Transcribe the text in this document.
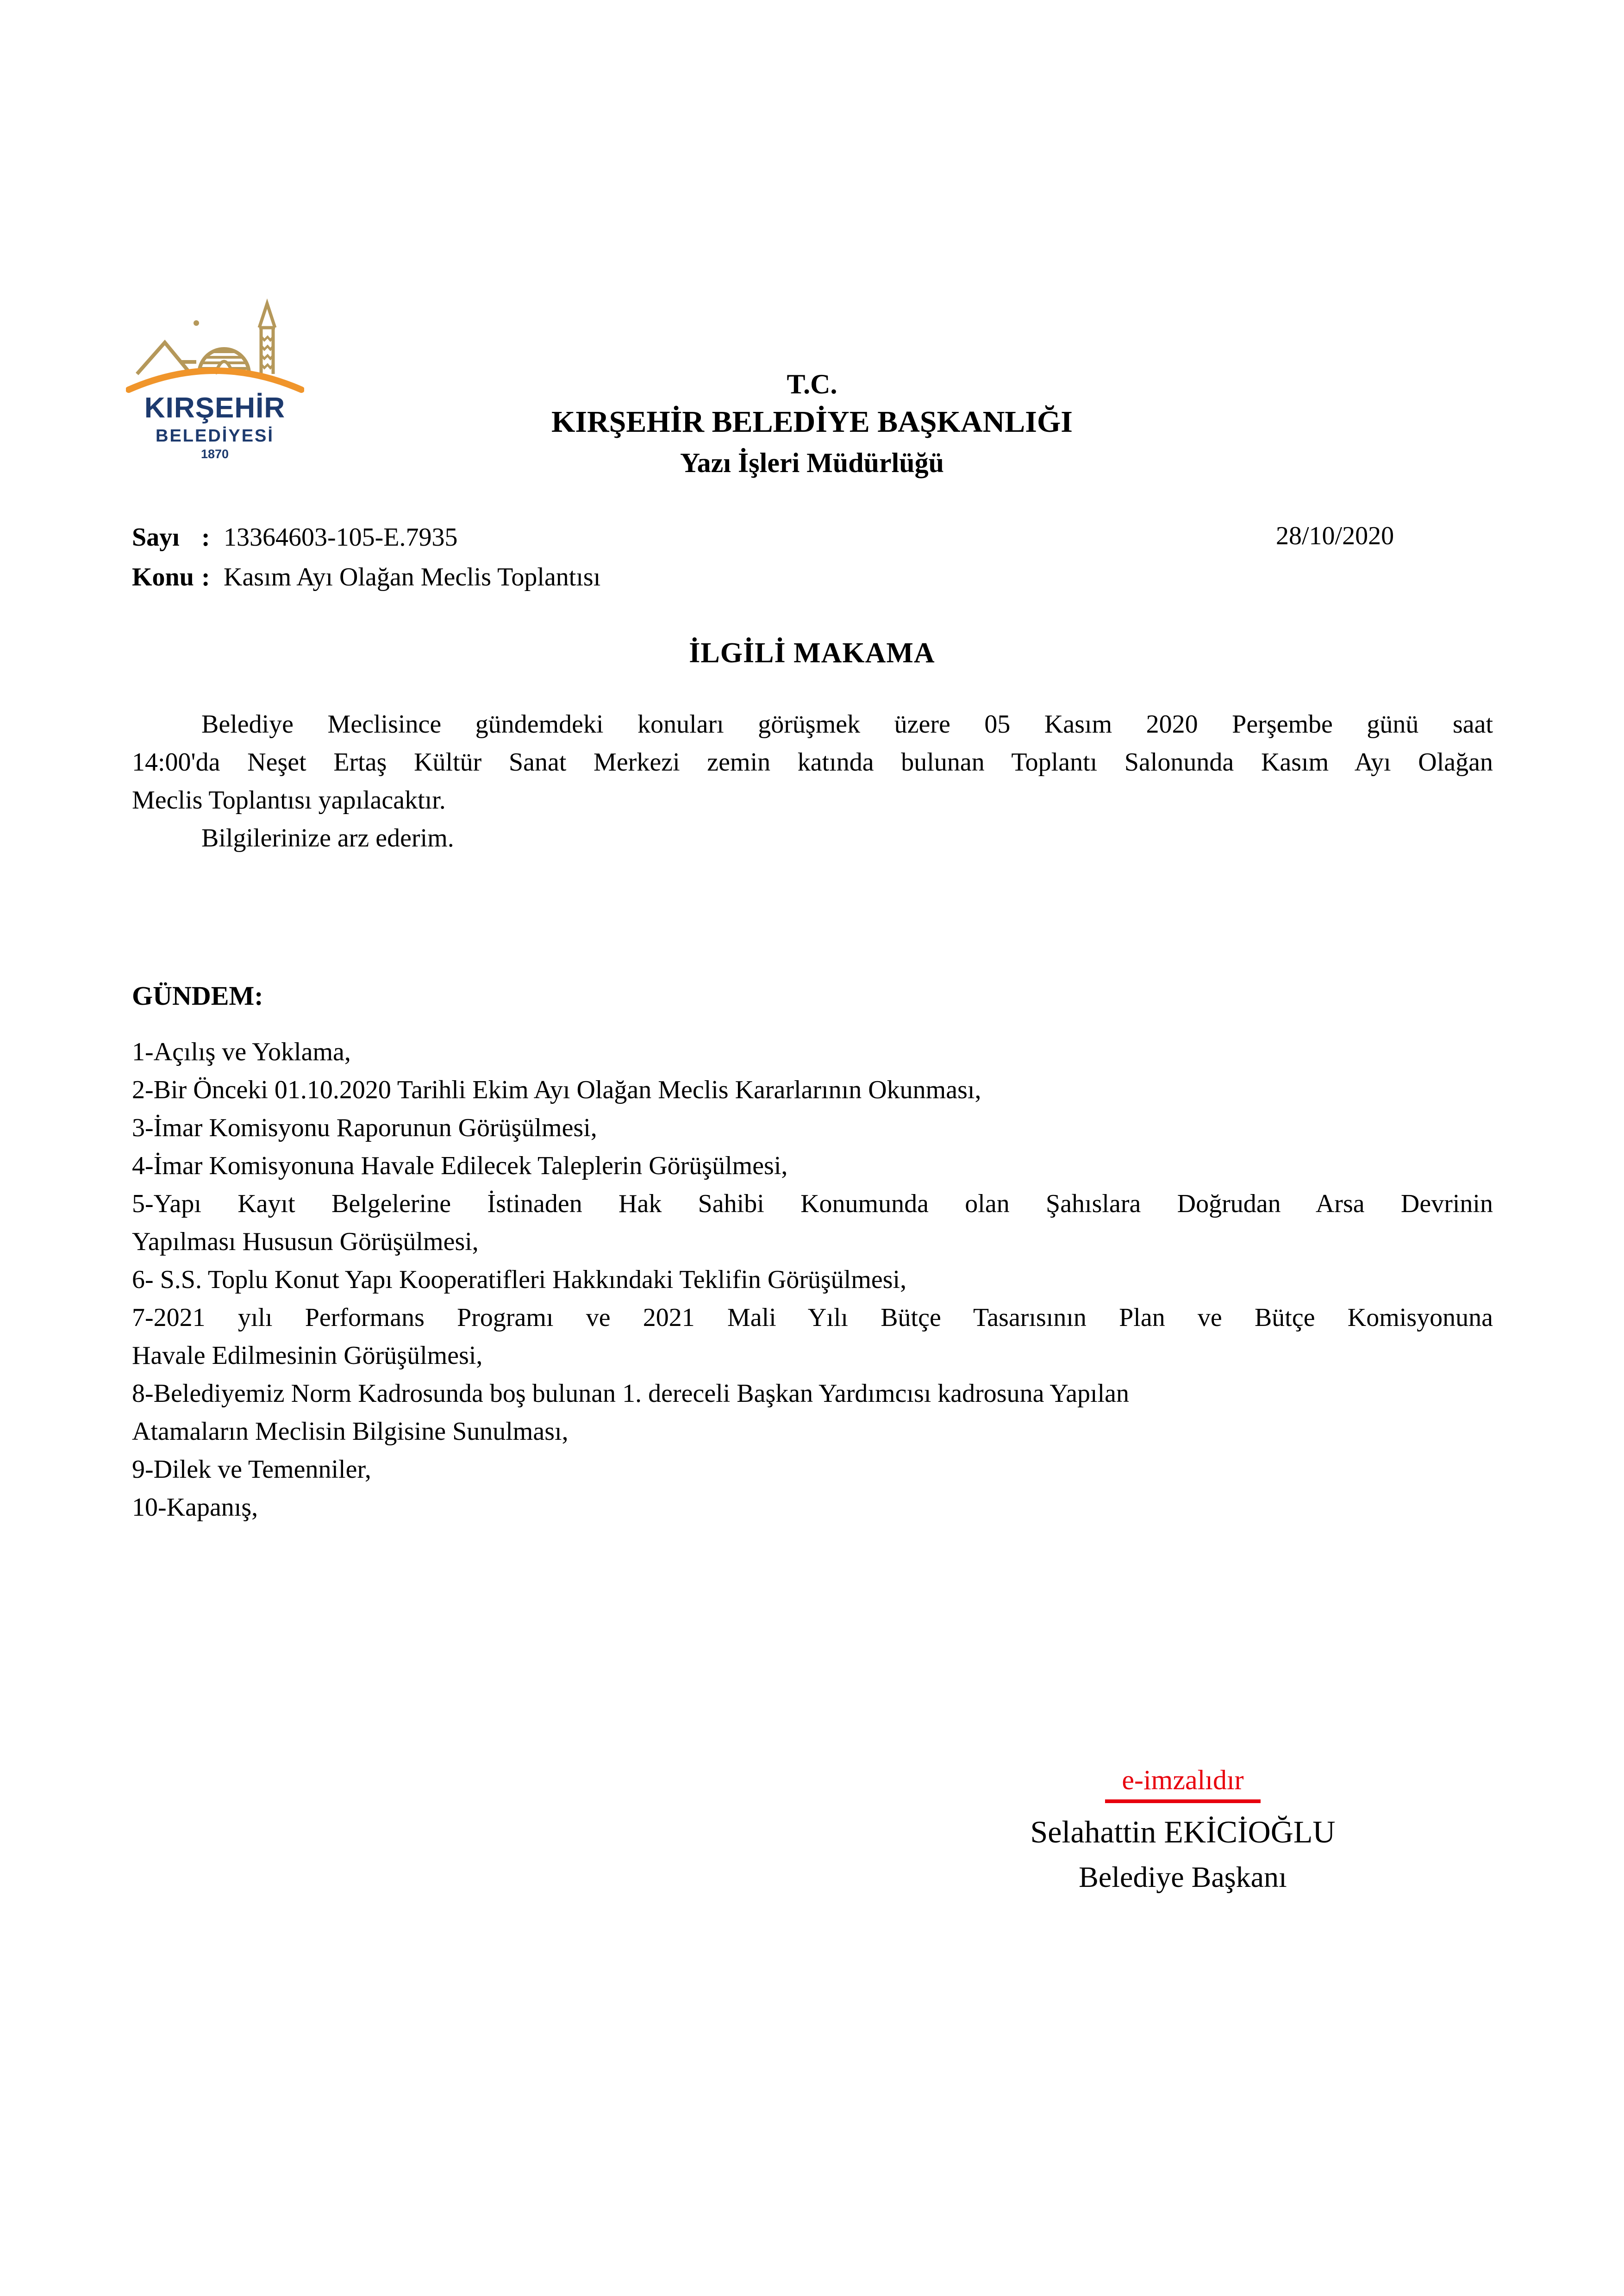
KIRŞEHİR
BELEDİYESİ
1870
T.C.
KIRŞEHİR BELEDİYE BAŞKANLIĞI
Yazı İşleri Müdürlüğü
Sayı : 13364603-105-E.7935
Konu : Kasım Ayı Olağan Meclis Toplantısı
28/10/2020
İLGİLİ MAKAMA
Belediye Meclisince gündemdeki konuları görüşmek üzere 05 Kasım 2020 Perşembe günü saat
14:00'da Neşet Ertaş Kültür Sanat Merkezi zemin katında bulunan Toplantı Salonunda Kasım Ayı Olağan
Meclis Toplantısı yapılacaktır.
Bilgilerinize arz ederim.
GÜNDEM:
1-Açılış ve Yoklama,
2-Bir Önceki 01.10.2020 Tarihli Ekim Ayı Olağan Meclis Kararlarının Okunması,
3-İmar Komisyonu Raporunun Görüşülmesi,
4-İmar Komisyonuna Havale Edilecek Taleplerin Görüşülmesi,
5-Yapı Kayıt Belgelerine İstinaden Hak Sahibi Konumunda olan Şahıslara Doğrudan Arsa Devrinin
Yapılması Hususun Görüşülmesi,
6- S.S. Toplu Konut Yapı Kooperatifleri Hakkındaki Teklifin Görüşülmesi,
7-2021 yılı Performans Programı ve 2021 Mali Yılı Bütçe Tasarısının Plan ve Bütçe Komisyonuna
Havale Edilmesinin Görüşülmesi,
8-Belediyemiz Norm Kadrosunda boş bulunan 1. dereceli Başkan Yardımcısı kadrosuna Yapılan
Atamaların Meclisin Bilgisine Sunulması,
9-Dilek ve Temenniler,
10-Kapanış,
e-imzalıdır
Selahattin EKİCİOĞLU
Belediye Başkanı
